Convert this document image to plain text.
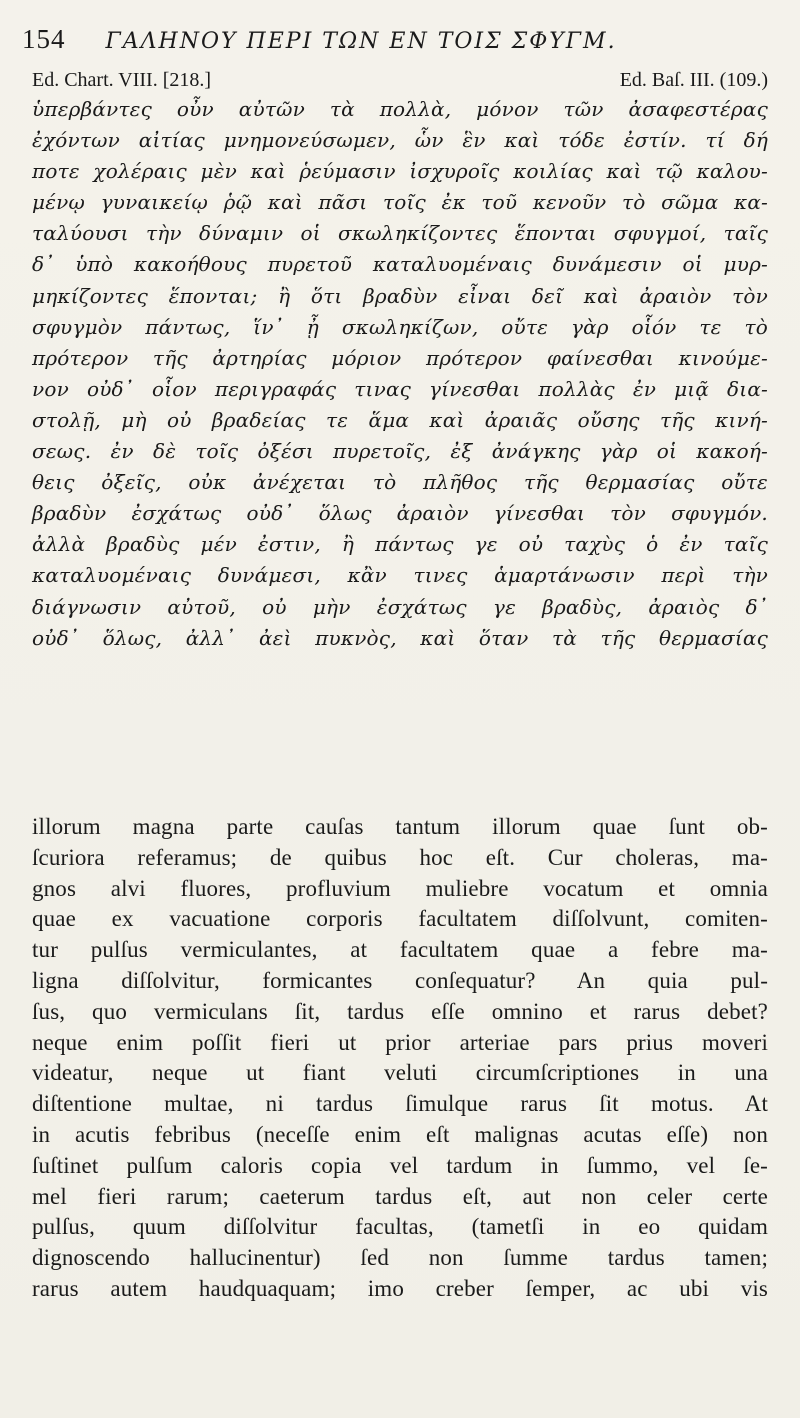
154 ΓΑΛΗΝΟΥ ΠΕΡΙ ΤΩΝ ΕΝ ΤΟΙΣ ΣΦΥΓΜ.
Ed. Chart. VIII. [218.]	Ed. Baſ. III. (109.)
ὑπερβάντες οὖν αὐτῶν τὰ πολλὰ, μόνον τῶν ἀσαφεστέρας
ἐχόντων αἰτίας μνημονεύσωμεν, ὧν ἓν καὶ τόδε ἐστίν. τί δή
ποτε χολέραις μὲν καὶ ῥεύμασιν ἰσχυροῖς κοιλίας καὶ τῷ καλου-
μένῳ γυναικείῳ ῥῷ καὶ πᾶσι τοῖς ἐκ τοῦ κενοῦν τὸ σῶμα κα-
ταλύουσι τὴν δύναμιν οἱ σκωληκίζοντες ἕπονται σφυγμοί, ταῖς
δ᾽ ὑπὸ κακοήθους πυρετοῦ καταλυομέναις δυνάμεσιν οἱ μυρ-
μηκίζοντες ἕπονται; ἢ ὅτι βραδὺν εἶναι δεῖ καὶ ἀραιὸν τὸν
σφυγμὸν πάντως, ἵν᾽ ᾖ σκωληκίζων, οὔτε γὰρ οἷόν τε τὸ
πρότερον τῆς ἀρτηρίας μόριον πρότερον φαίνεσθαι κινούμε-
νον οὐδ᾽ οἷον περιγραφάς τινας γίνεσθαι πολλὰς ἐν μιᾷ δια-
στολῇ, μὴ οὐ βραδείας τε ἅμα καὶ ἀραιᾶς οὔσης τῆς κινή-
σεως. ἐν δὲ τοῖς ὀξέσι πυρετοῖς, ἐξ ἀνάγκης γὰρ οἱ κακοή-
θεις ὀξεῖς, οὐκ ἀνέχεται τὸ πλῆθος τῆς θερμασίας οὔτε
βραδὺν ἐσχάτως οὐδ᾽ ὅλως ἀραιὸν γίνεσθαι τὸν σφυγμόν.
ἀλλὰ βραδὺς μέν ἐστιν, ἢ πάντως γε οὐ ταχὺς ὁ ἐν ταῖς
καταλυομέναις δυνάμεσι, κἂν τινες ἁμαρτάνωσιν περὶ τὴν
διάγνωσιν αὐτοῦ, οὐ μὴν ἐσχάτως γε βραδὺς, ἀραιὸς δ᾽
οὐδ᾽ ὅλως, ἀλλ᾽ ἀεὶ πυκνὸς, καὶ ὅταν τὰ τῆς θερμασίας
illorum magna parte cauſas tantum illorum quae ſunt ob-
ſcuriora referamus; de quibus hoc eſt. Cur choleras, ma-
gnos alvi fluores, profluvium muliebre vocatum et omnia
quae ex vacuatione corporis facultatem diſſolvunt, comiten-
tur pulſus vermiculantes, at facultatem quae a febre ma-
ligna diſſolvitur, formicantes conſequatur? An quia pul-
ſus, quo vermiculans ſit, tardus eſſe omnino et rarus debet?
neque enim poſſit fieri ut prior arteriae pars prius moveri
videatur, neque ut fiant veluti circumſcriptiones in una
diſtentione multae, ni tardus ſimulque rarus ſit motus. At
in acutis febribus (neceſſe enim eſt malignas acutas eſſe) non
ſuſtinet pulſum caloris copia vel tardum in ſummo, vel ſe-
mel fieri rarum; caeterum tardus eſt, aut non celer certe
pulſus, quum diſſolvitur facultas, (tametſi in eo quidam
dignoscendo hallucinentur) ſed non ſumme tardus tamen;
rarus autem haudquaquam; imo creber ſemper, ac ubi vis
